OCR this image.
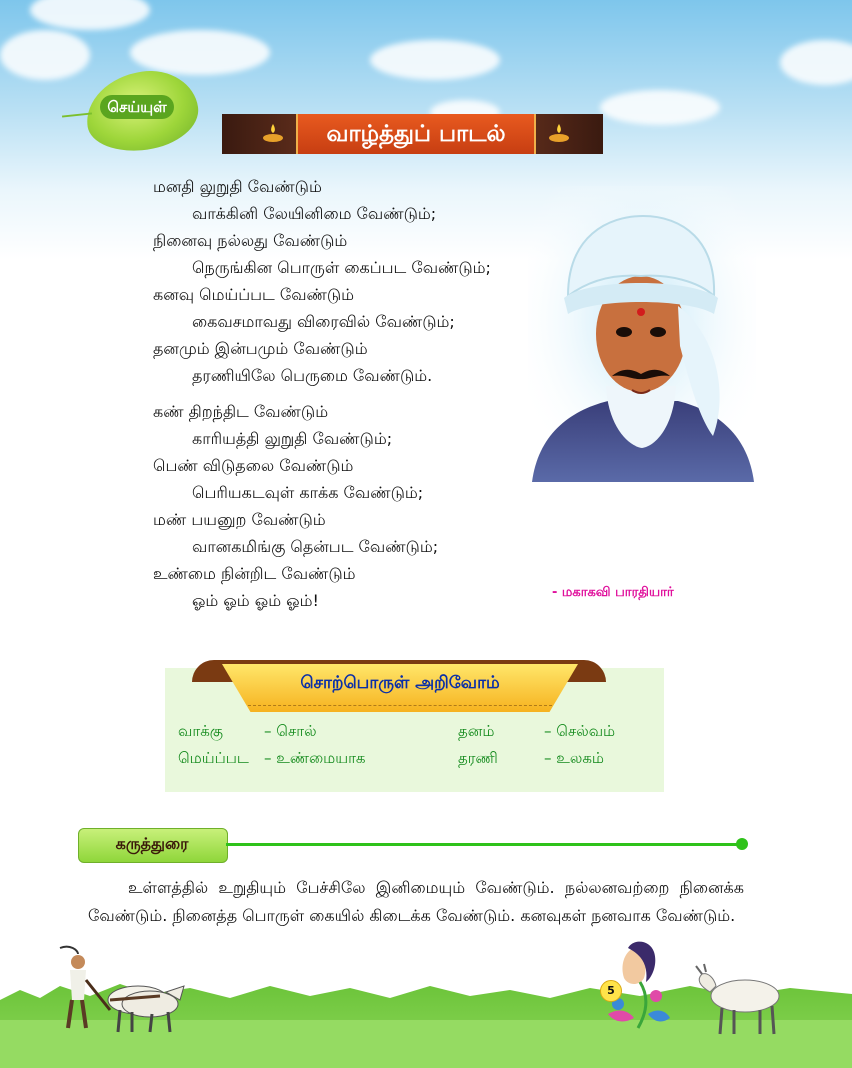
செய்யுள்
வாழ்த்துப் பாடல்
மனதி லுறுதி வேண்டும்
வாக்கினி லேயினிமை வேண்டும்;
நினைவு நல்லது வேண்டும்
நெருங்கின பொருள் கைப்பட வேண்டும்;
கனவு மெய்ப்பட வேண்டும்
கைவசமாவது விரைவில் வேண்டும்;
தனமும் இன்பமும் வேண்டும்
தரணியிலே பெருமை வேண்டும்.
கண் திறந்திட வேண்டும்
காரியத்தி லுறுதி வேண்டும்;
பெண் விடுதலை வேண்டும்
பெரியகடவுள் காக்க வேண்டும்;
மண் பயனுற வேண்டும்
வானகமிங்கு தென்பட வேண்டும்;
உண்மை நின்றிட வேண்டும்
ஓம் ஓம் ஓம் ஓம்!	- மகாகவி பாரதியார்
சொற்பொருள் அறிவோம்
வாக்கு	– சொல்	தனம்	– செல்வம்
மெய்ப்பட – உண்மையாக	தரணி	– உலகம்
கருத்துரை
உள்ளத்தில் உறுதியும் பேச்சிலே இனிமையும் வேண்டும். நல்லனவற்றை நினைக்க வேண்டும். நினைத்த பொருள் கையில் கிடைக்க வேண்டும். கனவுகள் நனவாக வேண்டும்.
5
